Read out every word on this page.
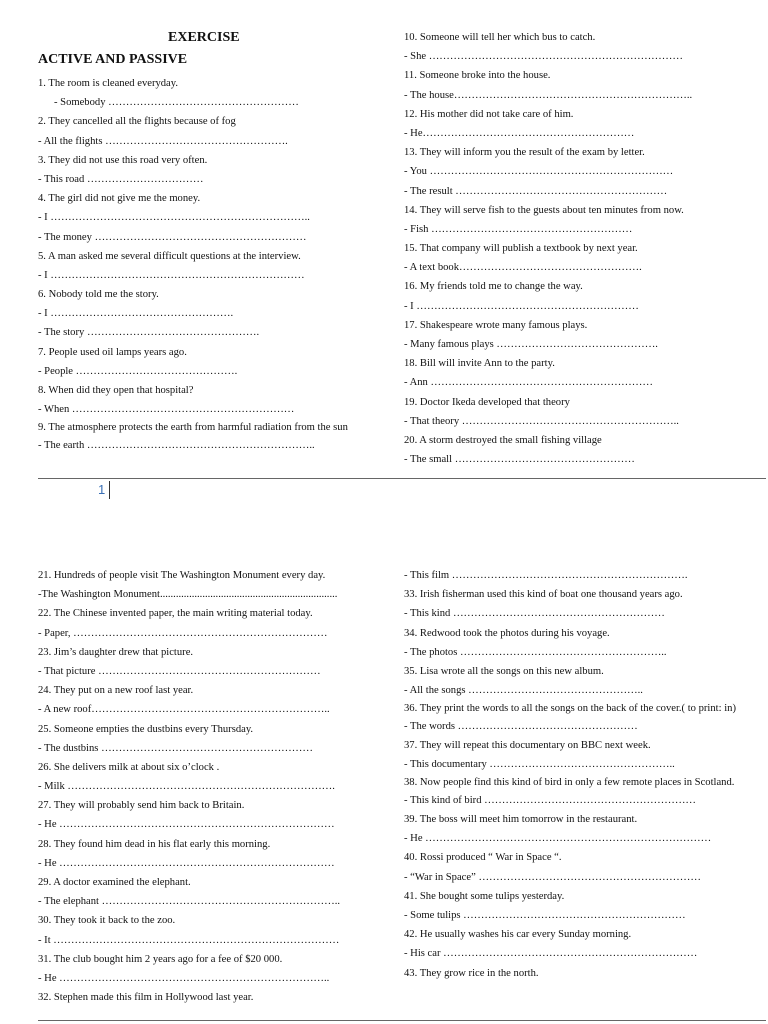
EXERCISE
ACTIVE AND PASSIVE
1. The room is cleaned everyday.
- Somebody ………………………………………………
2. They cancelled all the flights because of fog
- All the flights …………………………………………….
3. They did not use this road very often.
- This road ……………………………
4. The girl did not give me the money.
- I ………………………………………………………………..
- The money ……………………………………………………
5. A man asked me several difficult questions at the interview.
- I ………………………………………………………………
6. Nobody told me the story.
- I …………………………………………….
- The story ………………………………………….
7. People used oil lamps years ago.
- People ……………………………………….
8. When did they open that hospital?
- When ………………………………………………………
9. The atmosphere protects the earth from harmful radiation from the sun
- The earth ………………………………………………………..
10. Someone will tell her which bus to catch.
- She ………………………………………………………………
11. Someone broke into the house.
- The house…………………………………………………………..
12. His mother did not take care of him.
- He……………………………………………………
13. They will inform you the result of the exam by letter.
- You ……………………………………………………………
- The result ……………………………………………………
14. They will serve fish to the guests about ten minutes from now.
- Fish …………………………………………………
15. That company will publish a textbook by next year.
- A text book…………………………………………….
16. My friends told me to change the way.
- I ………………………………………………………
17. Shakespeare wrote many famous plays.
- Many famous plays ……………………………………….
18. Bill will invite Ann to the party.
- Ann ………………………………………………………
19. Doctor Ikeda developed that theory
- That theory ……………………………………………………..
20. A storm destroyed the small fishing village
- The small ……………………………………………
1
21. Hundreds of people visit The Washington Monument every day.
-The Washington Monument...................................................................
22. The Chinese invented paper, the main writing material today.
- Paper, ………………………………………………………………
23. Jim’s daughter drew that picture.
- That picture ………………………………………………………
24. They put on a new roof last year.
- A new roof…………………………………………………………..
25. Someone empties the dustbins every Thursday.
- The dustbins ……………………………………………………
26. She delivers milk at about six o’clock .
- Milk ………………………………………………………………….
27. They will probably send him back to Britain.
- He ……………………………………………………………………
28. They found him dead in his flat early this morning.
- He ……………………………………………………………………
29. A doctor examined the elephant.
- The elephant …………………………………………………………..
30. They took it back to the zoo.
- It ………………………………………………………………………
31. The club bought him 2 years ago for a fee of $20 000.
- He …………………………………………………………………..
32. Stephen made this film in Hollywood last year.
- This film ………………………………………………………….
33. Irish fisherman used this kind of boat one thousand years ago.
- This kind ……………………………………………………
34. Redwood took the photos during his voyage.
- The photos …………………………………………………..
35. Lisa wrote all the songs on this new album.
- All the songs …………………………………………..
36. They print the words to all the songs on the back of the cover.( to print: in)
- The words ……………………………………………
37. They will repeat this documentary on BBC next week.
- This documentary ……………………………………………..
38. Now people find this kind of bird in only a few remote places in Scotland.
- This kind of bird ……………………………………………………
39. The boss will meet him tomorrow in the restaurant.
- He ………………………………………………………………………
40. Rossi produced “ War in Space “.
- “War in Space” ………………………………………………………
41. She bought some tulips yesterday.
- Some tulips ………………………………………………………
42. He usually washes his car every Sunday morning.
- His car ………………………………………………………………
43. They grow rice in the north.
